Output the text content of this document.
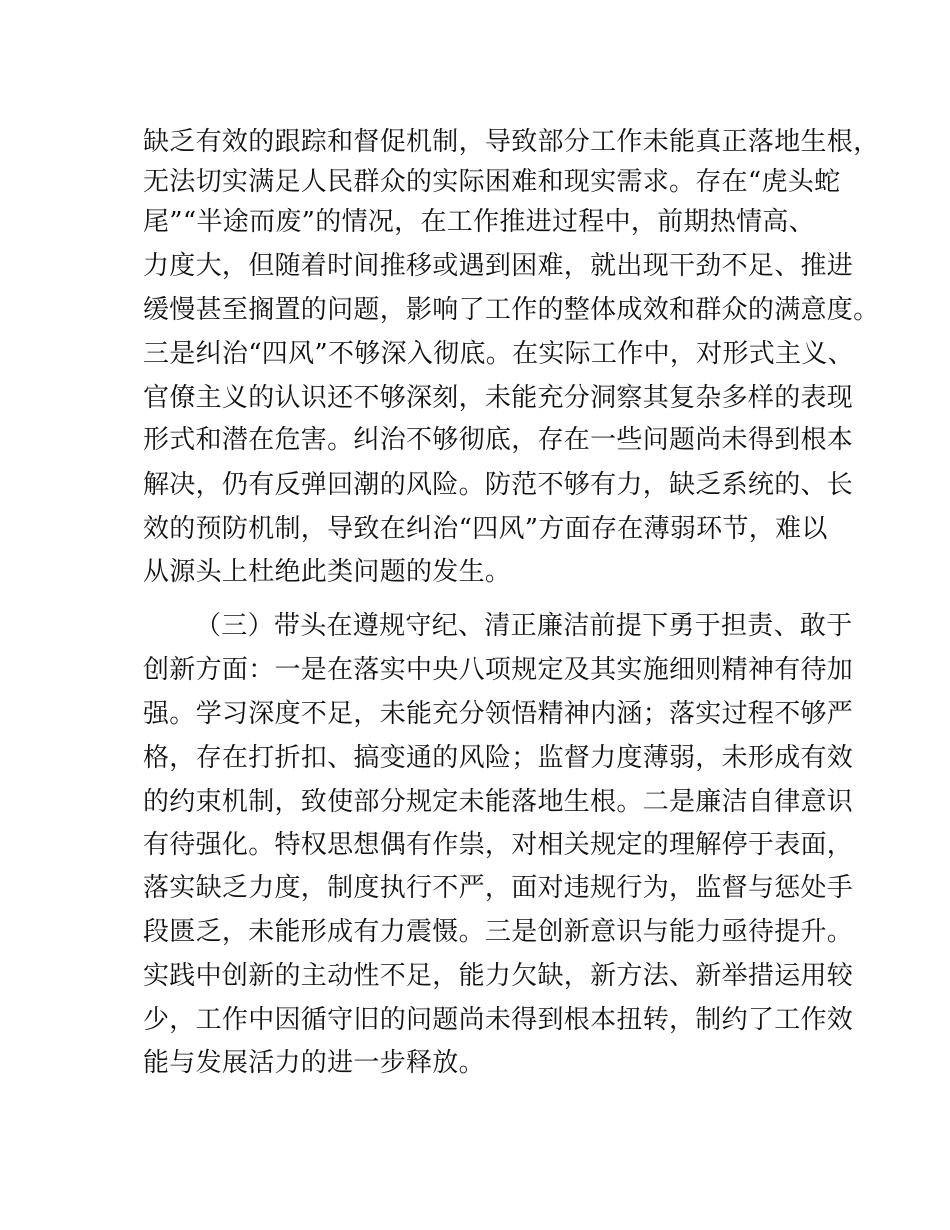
缺乏有效的跟踪和督促机制，导致部分工作未能真正落地生根，

无法切实满足人民群众的实际困难和现实需求。存在“虎头蛇

尾”“半途而废”的情况，在工作推进过程中，前期热情高、

力度大，但随着时间推移或遇到困难，就出现干劲不足、推进

缓慢甚至搁置的问题，影响了工作的整体成效和群众的满意度。

三是纠治“四风”不够深入彻底。在实际工作中，对形式主义、

官僚主义的认识还不够深刻，未能充分洞察其复杂多样的表现

形式和潜在危害。纠治不够彻底，存在一些问题尚未得到根本

解决，仍有反弹回潮的风险。防范不够有力，缺乏系统的、长

效的预防机制，导致在纠治“四风”方面存在薄弱环节，难以

从源头上杜绝此类问题的发生。

（三）带头在遵规守纪、清正廉洁前提下勇于担责、敢于

创新方面：一是在落实中央八项规定及其实施细则精神有待加

强。学习深度不足，未能充分领悟精神内涵；落实过程不够严

格，存在打折扣、搞变通的风险；监督力度薄弱，未形成有效

的约束机制，致使部分规定未能落地生根。二是廉洁自律意识

有待强化。特权思想偶有作祟，对相关规定的理解停于表面，

落实缺乏力度，制度执行不严，面对违规行为，监督与惩处手

段匮乏，未能形成有力震慑。三是创新意识与能力亟待提升。

实践中创新的主动性不足，能力欠缺，新方法、新举措运用较

少，工作中因循守旧的问题尚未得到根本扭转，制约了工作效

能与发展活力的进一步释放。
